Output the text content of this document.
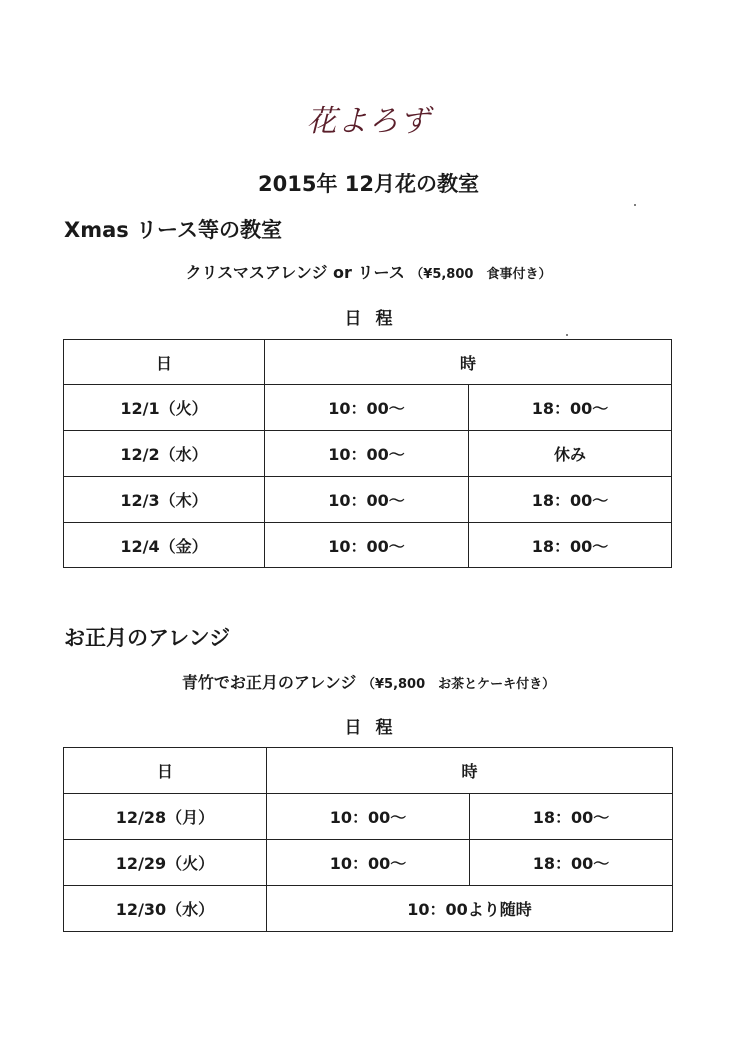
花よろず
2015年 12月花の教室
Xmas リース等の教室
クリスマスアレンジ or リース （¥5,800　食事付き）
日程
日	時	
12/1（火）	10：00〜	18：00〜
12/2（水）	10：00〜	休み
12/3（木）	10：00〜	18：00〜
12/4（金）	10：00〜	18：00〜
お正月のアレンジ
青竹でお正月のアレンジ （¥5,800　お茶とケーキ付き）
日程
日	時	
12/28（月）	10：00〜	18：00〜
12/29（火）	10：00〜	18：00〜
12/30（水）	10：00より随時	
